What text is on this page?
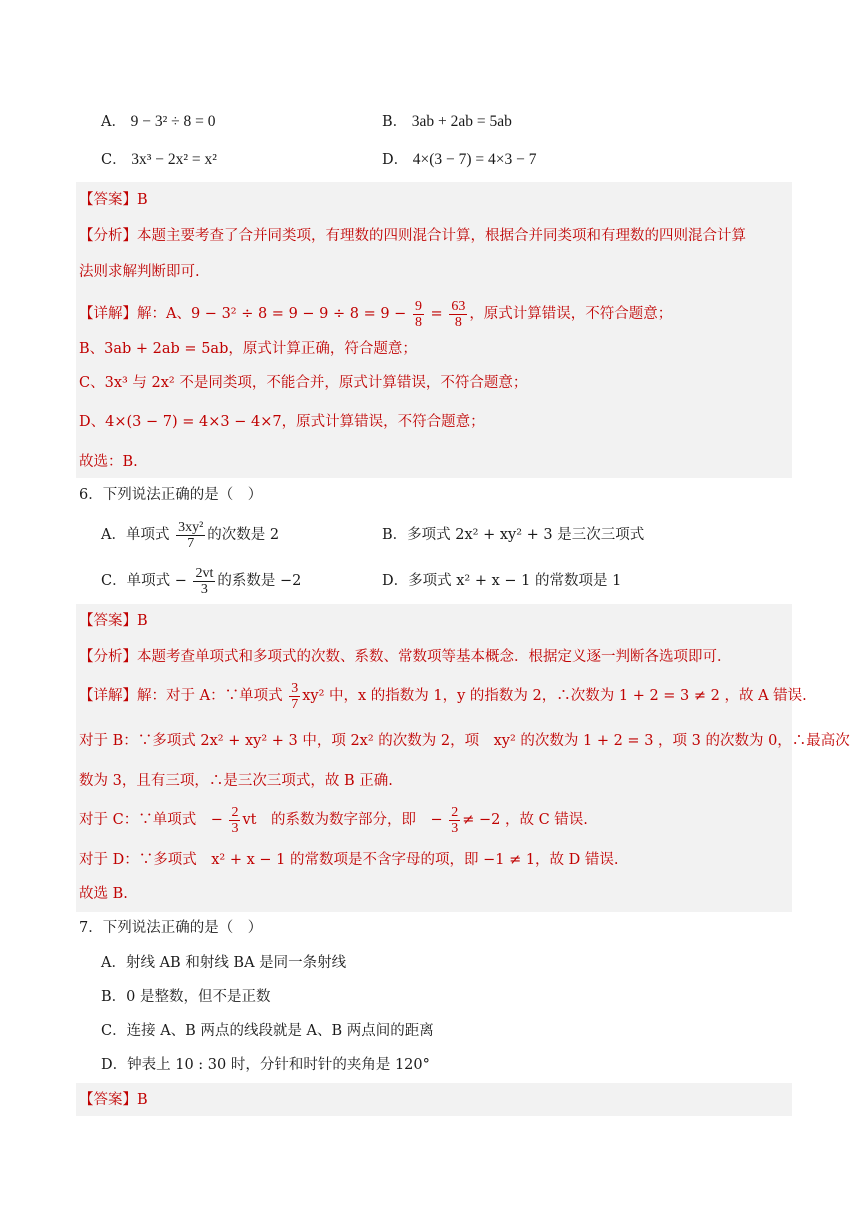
A． 9 − 3² ÷ 8 = 0	B． 3ab + 2ab = 5ab
C． 3x³ − 2x² = x²	D． 4×(3 − 7) = 4×3 − 7
【答案】B
【分析】本题主要考查了合并同类项，有理数的四则混合计算，根据合并同类项和有理数的四则混合计算
法则求解判断即可.
【详解】解：A、$9 - 3^2 \div 8 = 9 - 9 \div 8 = 9 - \frac{9}{8} = \frac{63}{8}$ ，原式计算错误，不符合题意；
B、3ab + 2ab = 5ab，原式计算正确，符合题意；
C、3x³ 与 2x² 不是同类项，不能合并，原式计算错误，不符合题意；
D、4×(3 − 7) = 4×3 − 4×7，原式计算错误，不符合题意；
故选：B.
6．下列说法正确的是（　）
A．单项式 $\frac{\text{3xy²}}{7}$ 的次数是 2	B．多项式 2x² + xy² + 3 是三次三项式
C．单项式 − $\frac{2vt}{3}$ 的系数是 −2	D．多项式 x² + x − 1 的常数项是 1
【答案】B
【分析】本题考查单项式和多项式的次数、系数、常数项等基本概念．根据定义逐一判断各选项即可．
【详解】解：对于 A：∵单项式 $\frac{3}{7} xy^2$ 中，x 的指数为 1，y 的指数为 2，∴次数为 1 + 2 = 3 ≠ 2 ，故 A 错误.
对于 B：∵多项式 2x² + xy² + 3 中，项 2x² 的次数为 2，项　xy² 的次数为 1 + 2 = 3 ，项 3 的次数为 0，∴最高次
数为 3，且有三项，∴是三次三项式，故 B 正确.
对于 C：∵单项式　− $\frac{2}{3}$ vt　的系数为数字部分，即　− $\frac{2}{3} \ne -2$ ，故 C 错误.
对于 D：∵多项式　x² + x − 1 的常数项是不含字母的项，即 −1 ≠ 1，故 D 错误.
故选 B.
7．下列说法正确的是（　）
A．射线 AB 和射线 BA 是同一条射线
B．0 是整数，但不是正数
C．连接 A、B 两点的线段就是 A、B 两点间的距离
D．钟表上 10 : 30 时，分针和时针的夹角是 120°
【答案】B
